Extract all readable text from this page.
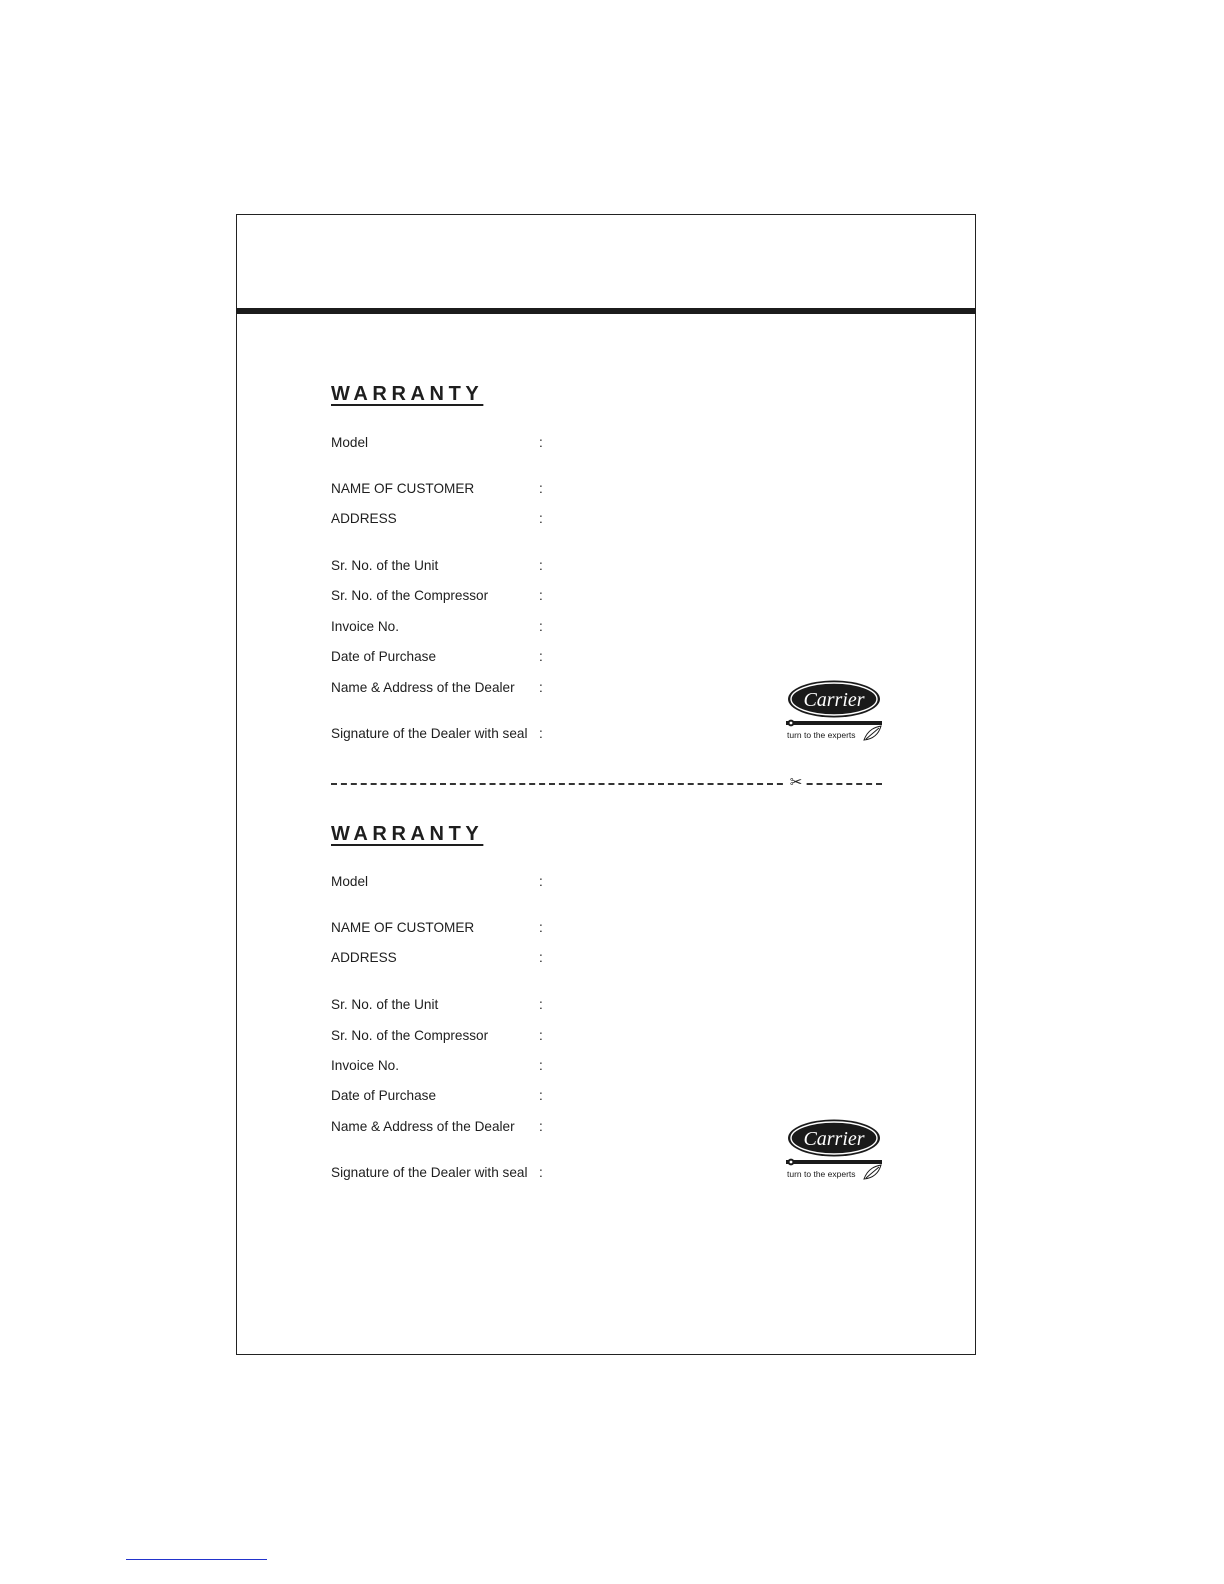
WARRANTY
Model	:
NAME OF CUSTOMER	:
ADDRESS	:
Sr. No. of the Unit	:
Sr. No. of the Compressor	:
Invoice No.	:
Date of Purchase	:
Name & Address of the Dealer :
Signature of the Dealer with seal :
Carrier
turn to the experts
✂
WARRANTY
Model	:
NAME OF CUSTOMER	:
ADDRESS	:
Sr. No. of the Unit	:
Sr. No. of the Compressor	:
Invoice No.	:
Date of Purchase	:
Name & Address of the Dealer :
Signature of the Dealer with seal :
Carrier
turn to the experts
